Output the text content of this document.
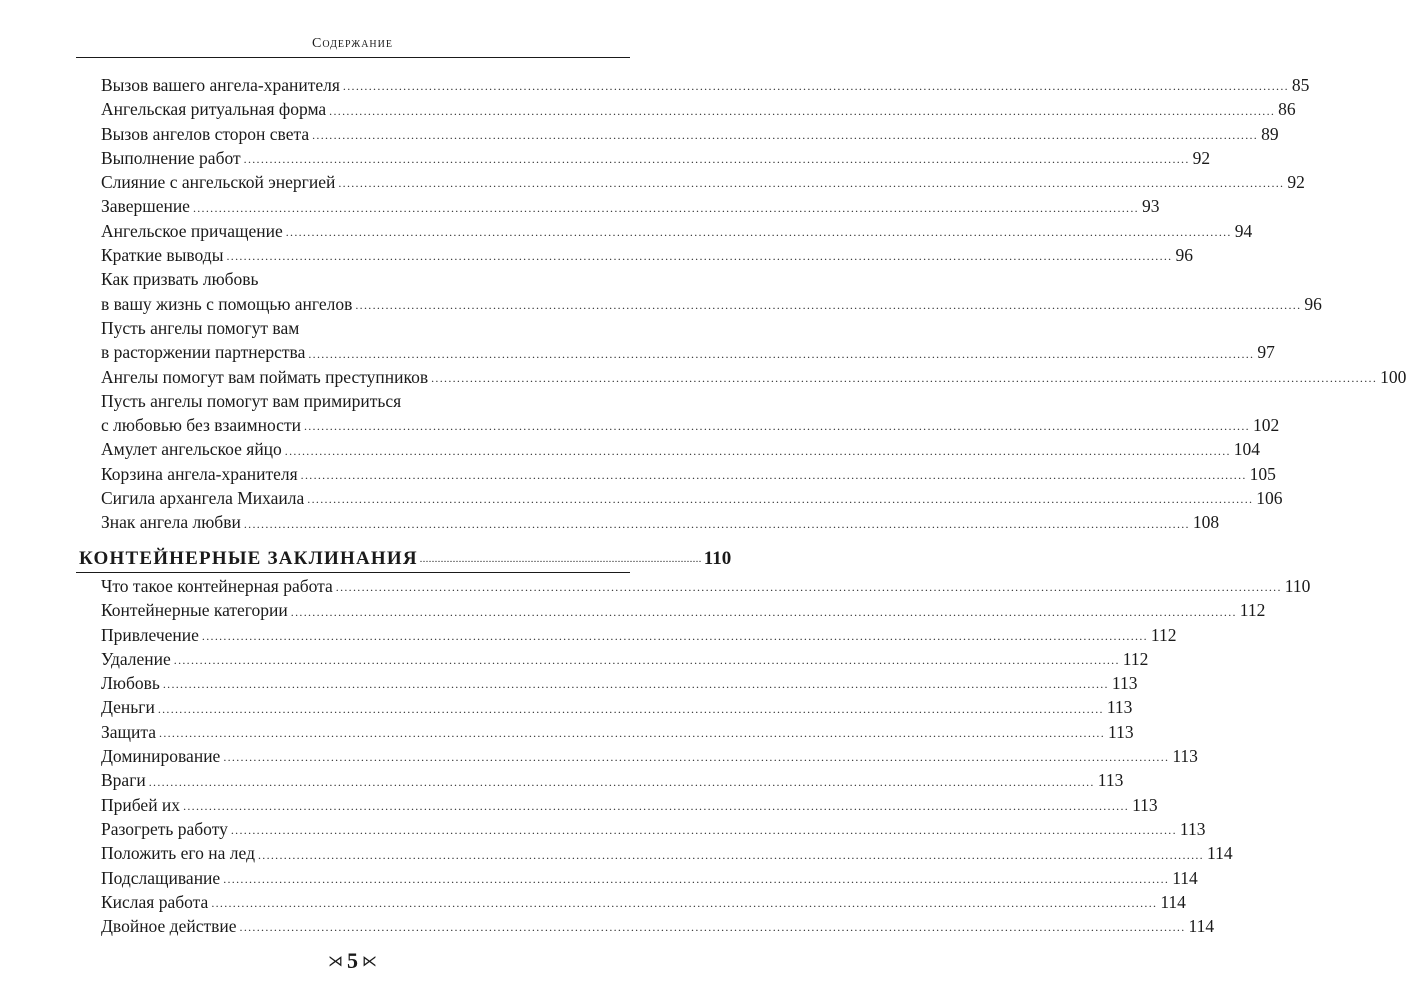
Содержание
Вызов вашего ангела-хранителя ............................................................................................................................................................................................................................ 85
Ангельская ритуальная форма ............................................................................................................................................................................................................................ 86
Вызов ангелов сторон света ............................................................................................................................................................................................................................ 89
Выполнение работ ............................................................................................................................................................................................................................ 92
Слияние с ангельской энергией ............................................................................................................................................................................................................................ 92
Завершение ............................................................................................................................................................................................................................ 93
Ангельское причащение ............................................................................................................................................................................................................................ 94
Краткие выводы ............................................................................................................................................................................................................................ 96
Как призвать любовь
в вашу жизнь с помощью ангелов ............................................................................................................................................................................................................................ 96
Пусть ангелы помогут вам
в расторжении партнерства ............................................................................................................................................................................................................................ 97
Ангелы помогут вам поймать преступников ............................................................................................................................................................................................................................ 100
Пусть ангелы помогут вам примириться
с любовью без взаимности ............................................................................................................................................................................................................................ 102
Амулет ангельское яйцо ............................................................................................................................................................................................................................ 104
Корзина ангела-хранителя ............................................................................................................................................................................................................................ 105
Сигила архангела Михаила ............................................................................................................................................................................................................................ 106
Знак ангела любви ............................................................................................................................................................................................................................ 108
КОНТЕЙНЕРНЫЕ ЗАКЛИНАНИЯ .............................................................................................. 110
Что такое контейнерная работа ............................................................................................................................................................................................................................ 110
Контейнерные категории ............................................................................................................................................................................................................................ 112
Привлечение ............................................................................................................................................................................................................................ 112
Удаление ............................................................................................................................................................................................................................ 112
Любовь ............................................................................................................................................................................................................................ 113
Деньги ............................................................................................................................................................................................................................ 113
Защита ............................................................................................................................................................................................................................ 113
Доминирование ............................................................................................................................................................................................................................ 113
Враги ............................................................................................................................................................................................................................ 113
Прибей их ............................................................................................................................................................................................................................ 113
Разогреть работу ............................................................................................................................................................................................................................ 113
Положить его на лед ............................................................................................................................................................................................................................ 114
Подслащивание ............................................................................................................................................................................................................................ 114
Кислая работа ............................................................................................................................................................................................................................ 114
Двойное действие ............................................................................................................................................................................................................................ 114
⋊ 5 ⋉
